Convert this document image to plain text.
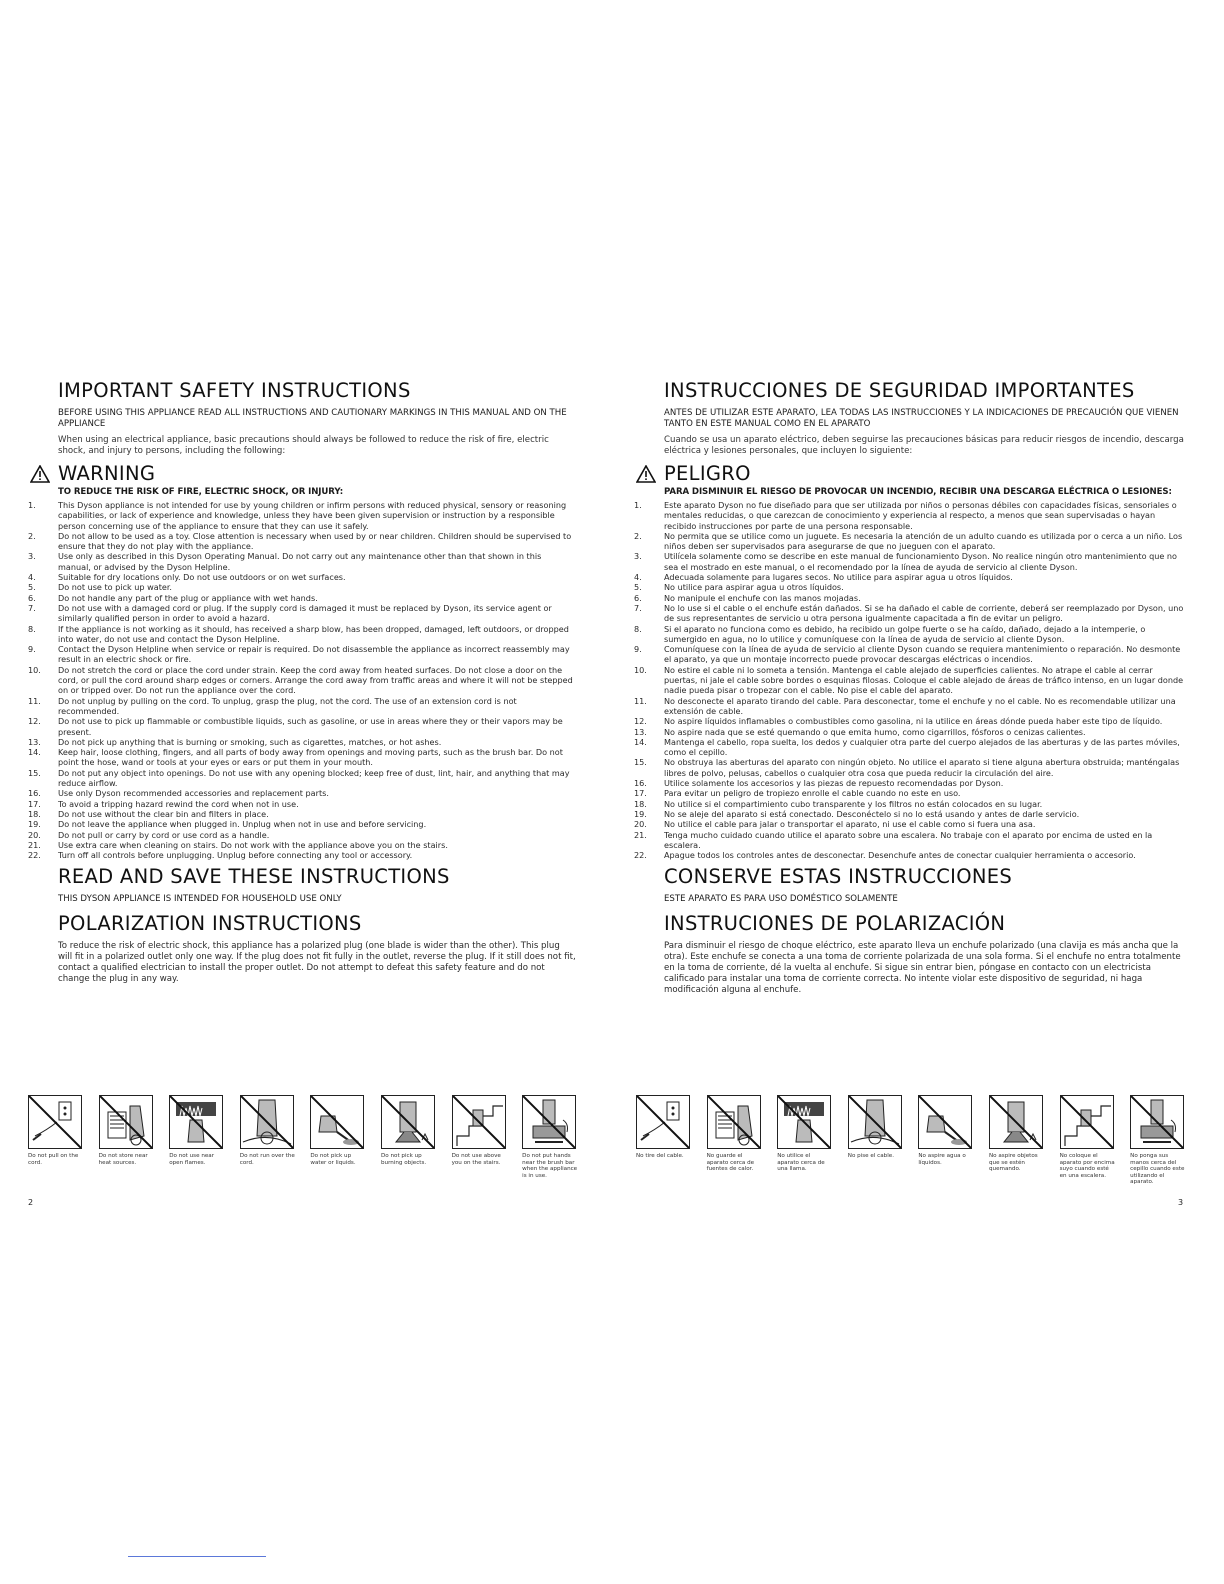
IMPORTANT SAFETY INSTRUCTIONS

BEFORE USING THIS APPLIANCE READ ALL INSTRUCTIONS AND CAUTIONARY MARKINGS IN THIS MANUAL AND ON THE APPLIANCE

When using an electrical appliance, basic precautions should always be followed to reduce the risk of fire, electric shock, and injury to persons, including the following:

WARNING

TO REDUCE THE RISK OF FIRE, ELECTRIC SHOCK, OR INJURY:

1.	This Dyson appliance is not intended for use by young children or infirm persons with reduced physical, sensory or reasoning capabilities, or lack of experience and knowledge, unless they have been given supervision or instruction by a responsible person concerning use of the appliance to ensure that they can use it safely.
2.	Do not allow to be used as a toy. Close attention is necessary when used by or near children. Children should be supervised to ensure that they do not play with the appliance.
3.	Use only as described in this Dyson Operating Manual. Do not carry out any maintenance other than that shown in this manual, or advised by the Dyson Helpline.
4.	Suitable for dry locations only. Do not use outdoors or on wet surfaces.
5.	Do not use to pick up water.
6.	Do not handle any part of the plug or appliance with wet hands.
7.	Do not use with a damaged cord or plug. If the supply cord is damaged it must be replaced by Dyson, its service agent or similarly qualified person in order to avoid a hazard.
8.	If the appliance is not working as it should, has received a sharp blow, has been dropped, damaged, left outdoors, or dropped into water, do not use and contact the Dyson Helpline.
9.	Contact the Dyson Helpline when service or repair is required. Do not disassemble the appliance as incorrect reassembly may result in an electric shock or fire.
10.	Do not stretch the cord or place the cord under strain. Keep the cord away from heated surfaces. Do not close a door on the cord, or pull the cord around sharp edges or corners. Arrange the cord away from traffic areas and where it will not be stepped on or tripped over. Do not run the appliance over the cord.
11.	Do not unplug by pulling on the cord. To unplug, grasp the plug, not the cord. The use of an extension cord is not recommended.
12.	Do not use to pick up flammable or combustible liquids, such as gasoline, or use in areas where they or their vapors may be present.
13.	Do not pick up anything that is burning or smoking, such as cigarettes, matches, or hot ashes.
14.	Keep hair, loose clothing, fingers, and all parts of body away from openings and moving parts, such as the brush bar. Do not point the hose, wand or tools at your eyes or ears or put them in your mouth.
15.	Do not put any object into openings. Do not use with any opening blocked; keep free of dust, lint, hair, and anything that may reduce airflow.
16.	Use only Dyson recommended accessories and replacement parts.
17.	To avoid a tripping hazard rewind the cord when not in use.
18.	Do not use without the clear bin and filters in place.
19.	Do not leave the appliance when plugged in. Unplug when not in use and before servicing.
20.	Do not pull or carry by cord or use cord as a handle.
21.	Use extra care when cleaning on stairs. Do not work with the appliance above you on the stairs.
22.	Turn off all controls before unplugging. Unplug before connecting any tool or accessory.
READ AND SAVE THESE INSTRUCTIONS

THIS DYSON APPLIANCE IS INTENDED FOR HOUSEHOLD USE ONLY

POLARIZATION INSTRUCTIONS

To reduce the risk of electric shock, this appliance has a polarized plug (one blade is wider than the other). This plug will fit in a polarized outlet only one way. If the plug does not fit fully in the outlet, reverse the plug. If it still does not fit, contact a qualified electrician to install the proper outlet. Do not attempt to defeat this safety feature and do not change the plug in any way.

Do not pull on the cord.
Do not store near heat sources.
Do not use near open flames.
Do not run over the cord.
Do not pick up water or liquids.
Do not pick up burning objects.
Do not use above you on the stairs.
Do not put hands near the brush bar when the appliance is in use.
2
INSTRUCCIONES DE SEGURIDAD IMPORTANTES

ANTES DE UTILIZAR ESTE APARATO, LEA TODAS LAS INSTRUCCIONES Y LA INDICACIONES DE PRECAUCIÓN QUE VIENEN TANTO EN ESTE MANUAL COMO EN EL APARATO

Cuando se usa un aparato eléctrico, deben seguirse las precauciones básicas para reducir riesgos de incendio, descarga eléctrica y lesiones personales, que incluyen lo siguiente:

PELIGRO

PARA DISMINUIR EL RIESGO DE PROVOCAR UN INCENDIO, RECIBIR UNA DESCARGA ELÉCTRICA O LESIONES:

1.	Este aparato Dyson no fue diseñado para que ser utilizada por niños o personas débiles con capacidades físicas, sensoriales o mentales reducidas, o que carezcan de conocimiento y experiencia al respecto, a menos que sean supervisadas o hayan recibido instrucciones por parte de una persona responsable.
2.	No permita que se utilice como un juguete. Es necesaria la atención de un adulto cuando es utilizada por o cerca a un niño. Los niños deben ser supervisados para asegurarse de que no jueguen con el aparato.
3.	Utilícela solamente como se describe en este manual de funcionamiento Dyson. No realice ningún otro mantenimiento que no sea el mostrado en este manual, o el recomendado por la línea de ayuda de servicio al cliente Dyson.
4.	Adecuada solamente para lugares secos. No utilice para aspirar agua u otros líquidos.
5.	No utilice para aspirar agua u otros líquidos.
6.	No manipule el enchufe con las manos mojadas.
7.	No lo use si el cable o el enchufe están dañados. Si se ha dañado el cable de corriente, deberá ser reemplazado por Dyson, uno de sus representantes de servicio u otra persona igualmente capacitada a fin de evitar un peligro.
8.	Si el aparato no funciona como es debido, ha recibido un golpe fuerte o se ha caído, dañado, dejado a la intemperie, o sumergido en agua, no lo utilice y comuníquese con la línea de ayuda de servicio al cliente Dyson.
9.	Comuníquese con la línea de ayuda de servicio al cliente Dyson cuando se requiera mantenimiento o reparación. No desmonte el aparato, ya que un montaje incorrecto puede provocar descargas eléctricas o incendios.
10.	No estire el cable ni lo someta a tensión. Mantenga el cable alejado de superficies calientes. No atrape el cable al cerrar puertas, ni jale el cable sobre bordes o esquinas filosas. Coloque el cable alejado de áreas de tráfico intenso, en un lugar donde nadie pueda pisar o tropezar con el cable. No pise el cable del aparato.
11.	No desconecte el aparato tirando del cable. Para desconectar, tome el enchufe y no el cable. No es recomendable utilizar una extensión de cable.
12.	No aspire líquidos inflamables o combustibles como gasolina, ni la utilice en áreas dónde pueda haber este tipo de líquido.
13.	No aspire nada que se esté quemando o que emita humo, como cigarrillos, fósforos o cenizas calientes.
14.	Mantenga el cabello, ropa suelta, los dedos y cualquier otra parte del cuerpo alejados de las aberturas y de las partes móviles, como el cepillo.
15.	No obstruya las aberturas del aparato con ningún objeto. No utilice el aparato si tiene alguna abertura obstruida; manténgalas libres de polvo, pelusas, cabellos o cualquier otra cosa que pueda reducir la circulación del aire.
16.	Utilice solamente los accesorios y las piezas de repuesto recomendadas por Dyson.
17.	Para evitar un peligro de tropiezo enrolle el cable cuando no este en uso.
18.	No utilice si el compartimiento cubo transparente y los filtros no están colocados en su lugar.
19.	No se aleje del aparato si está conectado. Desconéctelo si no lo está usando y antes de darle servicio.
20.	No utilice el cable para jalar o transportar el aparato, ni use el cable como si fuera una asa.
21.	Tenga mucho cuidado cuando utilice el aparato sobre una escalera. No trabaje con el aparato por encima de usted en la escalera.
22.	Apague todos los controles antes de desconectar. Desenchufe antes de conectar cualquier herramienta o accesorio.
CONSERVE ESTAS INSTRUCCIONES

ESTE APARATO ES PARA USO DOMÉSTICO SOLAMENTE

INSTRUCIONES DE POLARIZACIÓN

Para disminuir el riesgo de choque eléctrico, este aparato lleva un enchufe polarizado (una clavija es más ancha que la otra). Este enchufe se conecta a una toma de corriente polarizada de una sola forma. Si el enchufe no entra totalmente en la toma de corriente, dé la vuelta al enchufe. Si sigue sin entrar bien, póngase en contacto con un electricista calificado para instalar una toma de corriente correcta. No intente violar este dispositivo de seguridad, ni haga modificación alguna al enchufe.

No tire del cable.	No guarde el aparato cerca de fuentes de calor.
No utilice el aparato cerca de una llama.
No pise el cable.	No aspire agua o líquidos.
No aspire objetos que se estén quemando.
No coloque el aparato por encima suyo cuando esté en una escalera.
No ponga sus manos cerca del cepillo cuando este utilizando el aparato.
3
